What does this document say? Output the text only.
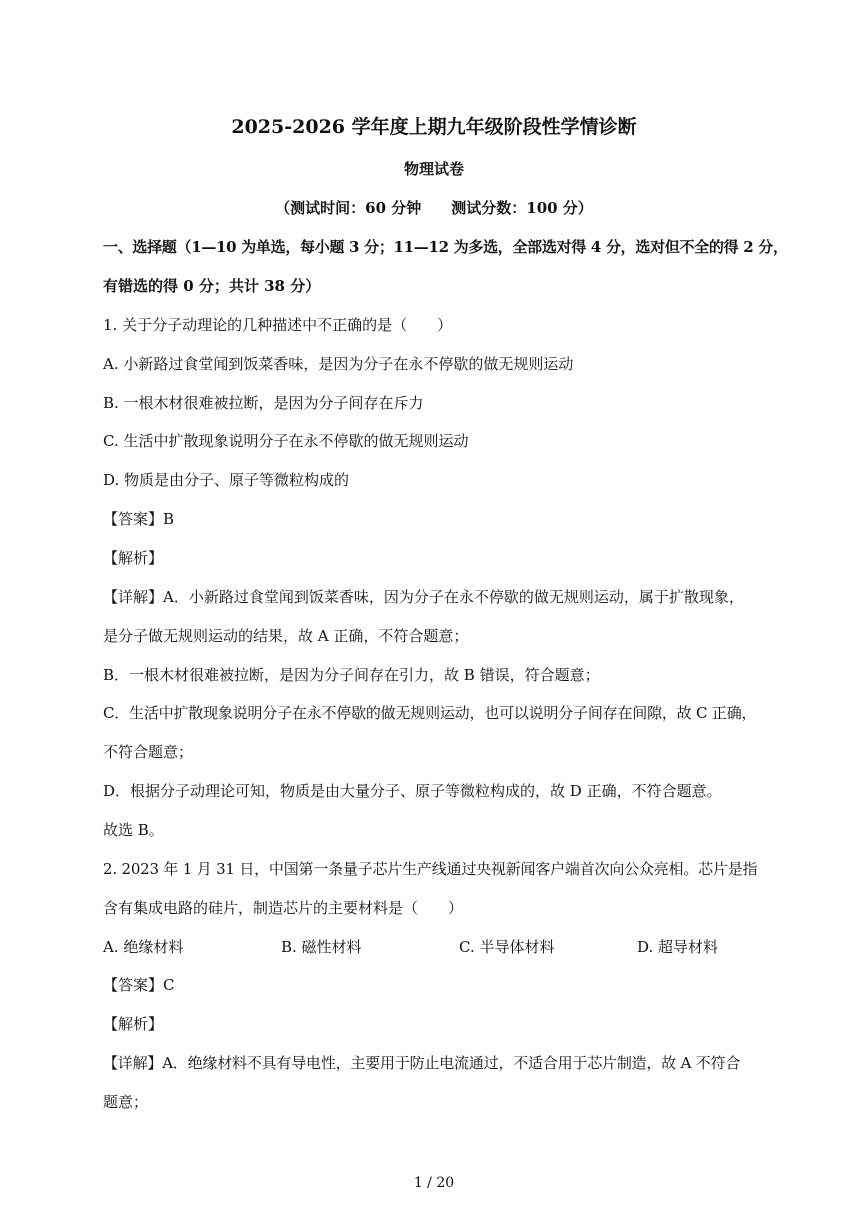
2025-2026 学年度上期九年级阶段性学情诊断
物理试卷
（测试时间：60 分钟　　测试分数：100 分）
一、选择题（1—10 为单选，每小题 3 分；11—12 为多选，全部选对得 4 分，选对但不全的得 2 分，
有错选的得 0 分；共计 38 分）
1. 关于分子动理论的几种描述中不正确的是（　　）
A. 小新路过食堂闻到饭菜香味，是因为分子在永不停歇的做无规则运动
B. 一根木材很难被拉断，是因为分子间存在斥力
C. 生活中扩散现象说明分子在永不停歇的做无规则运动
D. 物质是由分子、原子等微粒构成的
【答案】B
【解析】
【详解】A．小新路过食堂闻到饭菜香味，因为分子在永不停歇的做无规则运动，属于扩散现象，
是分子做无规则运动的结果，故 A 正确，不符合题意；
B．一根木材很难被拉断，是因为分子间存在引力，故 B 错误，符合题意；
C．生活中扩散现象说明分子在永不停歇的做无规则运动，也可以说明分子间存在间隙，故 C 正确，
不符合题意；
D．根据分子动理论可知，物质是由大量分子、原子等微粒构成的，故 D 正确，不符合题意。
故选 B。
2. 2023 年 1 月 31 日，中国第一条量子芯片生产线通过央视新闻客户端首次向公众亮相。芯片是指
含有集成电路的硅片，制造芯片的主要材料是（　　）
A. 绝缘材料	B. 磁性材料	C. 半导体材料	D. 超导材料
【答案】C
【解析】
【详解】A．绝缘材料不具有导电性，主要用于防止电流通过，不适合用于芯片制造，故 A 不符合
题意；
1 / 20
